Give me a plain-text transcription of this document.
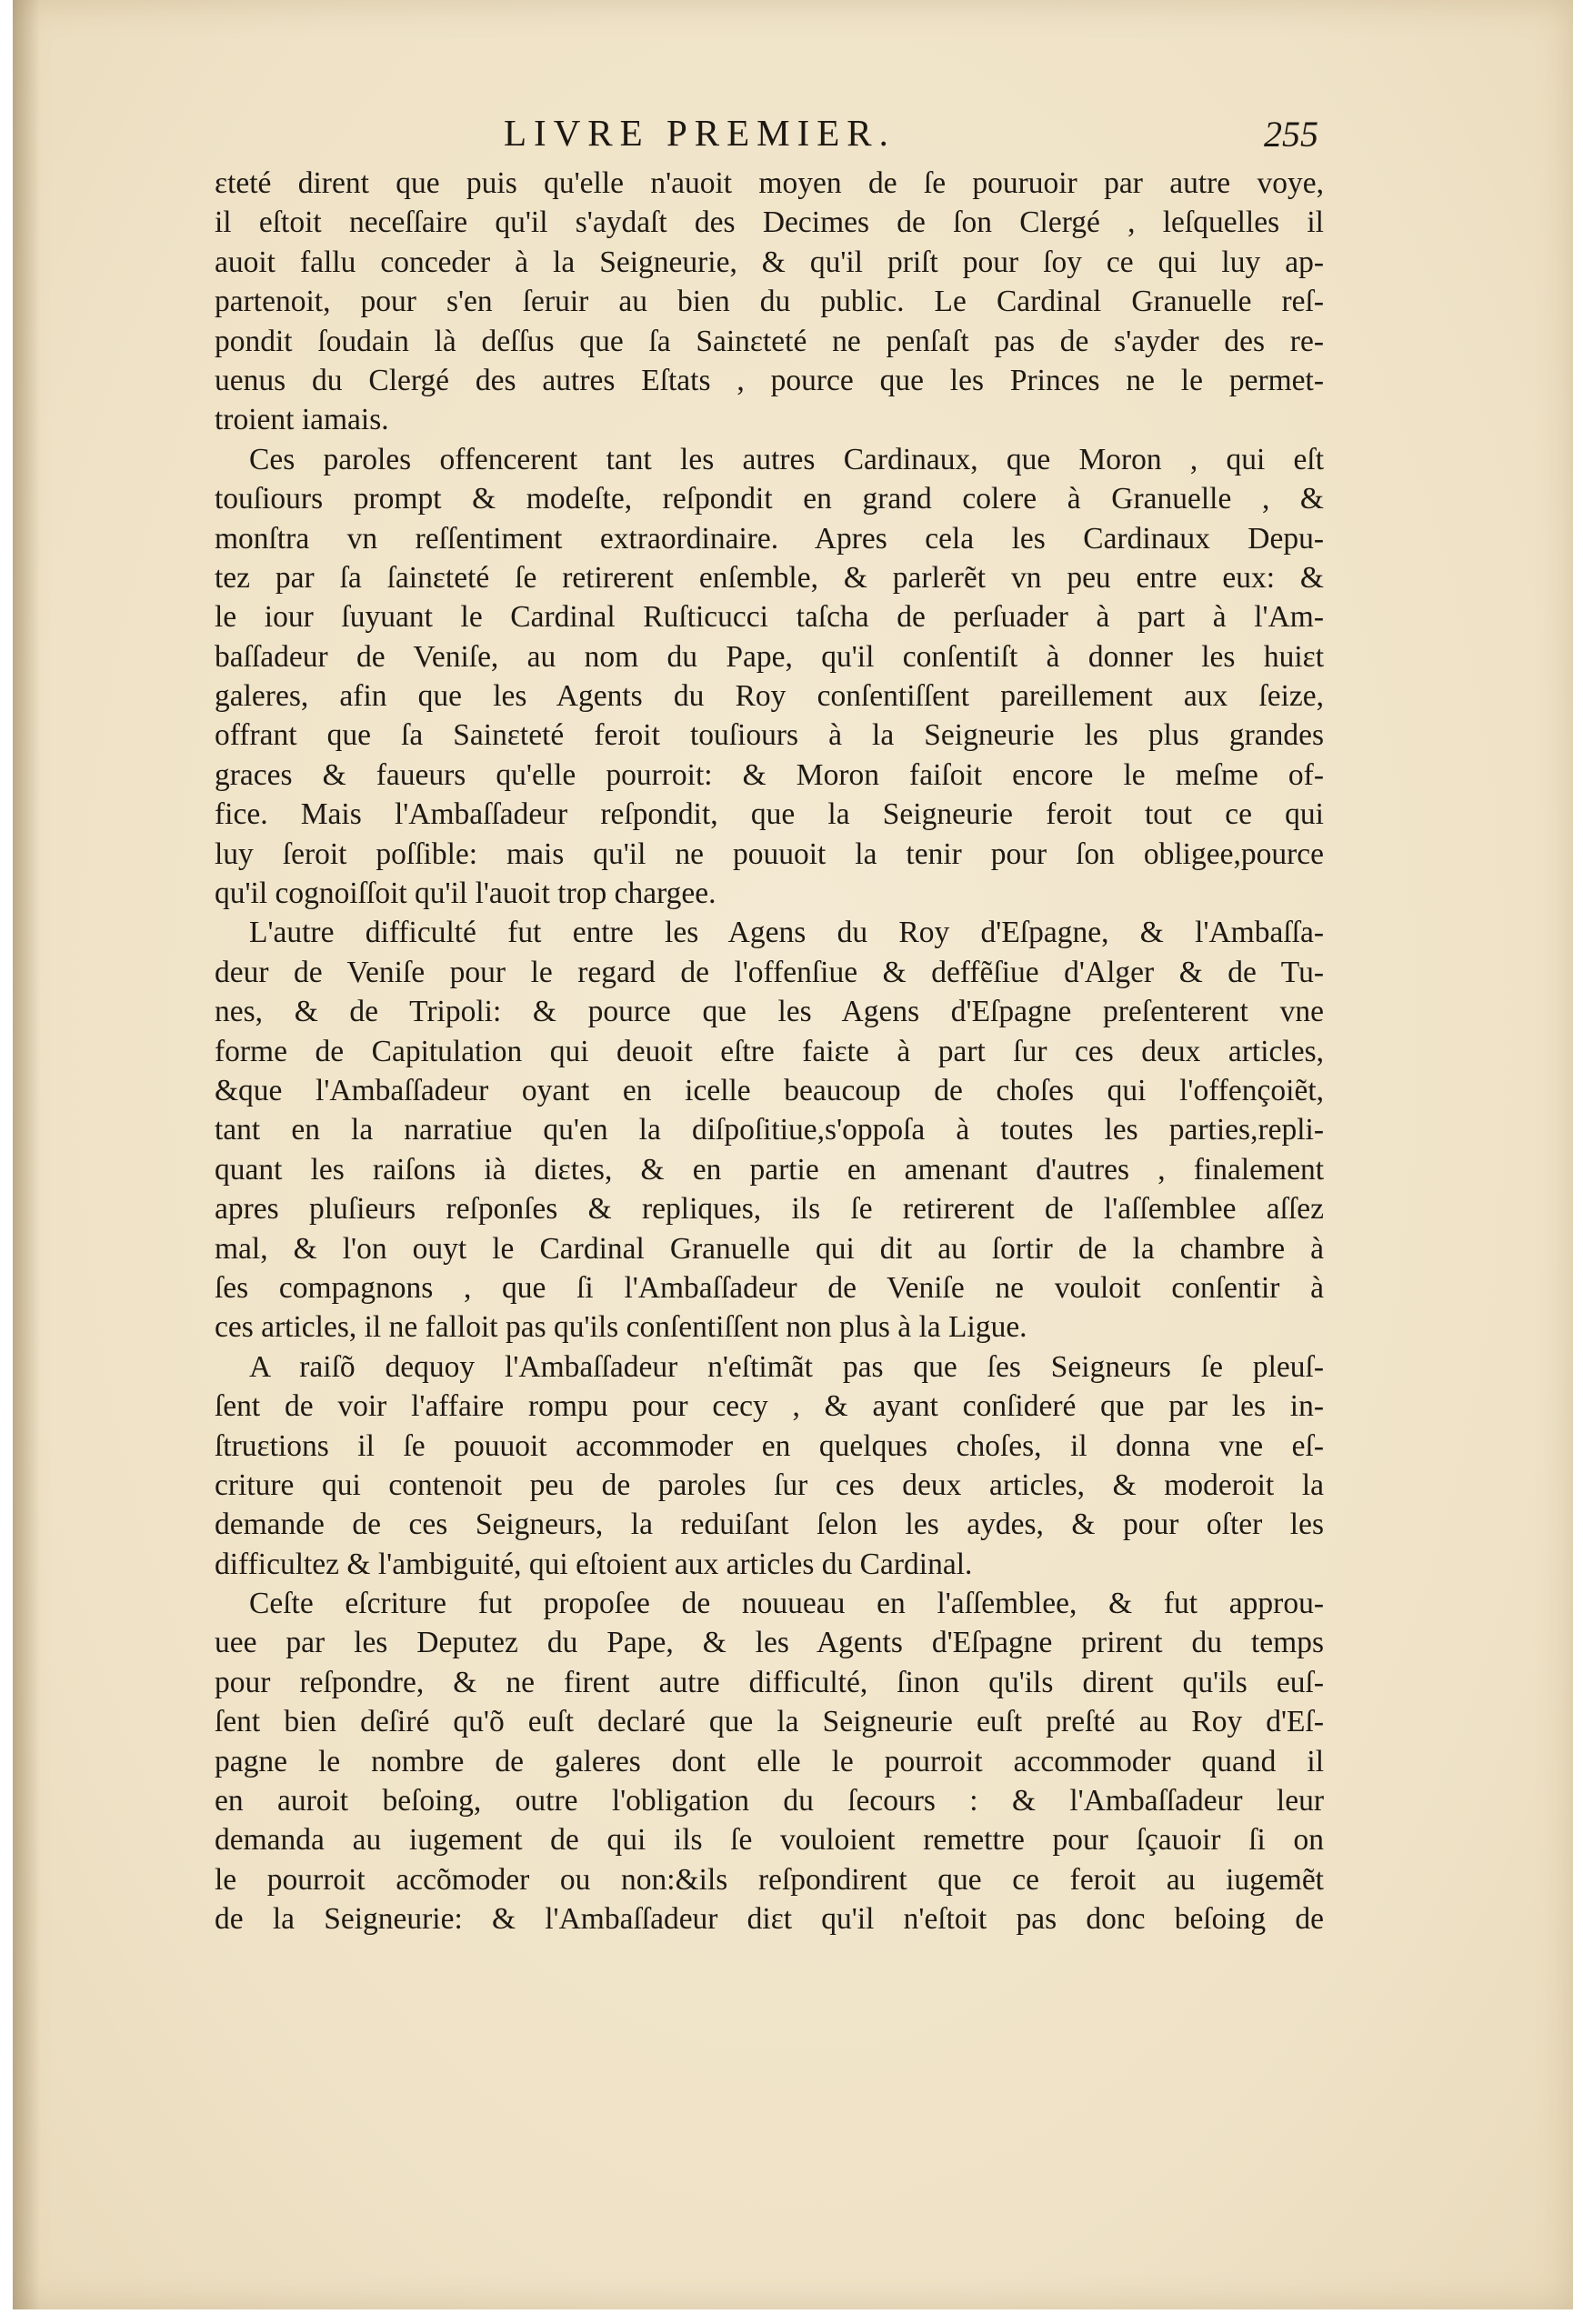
LIVRE PREMIER.	255
ɛteté dirent que puis qu'elle n'auoit moyen de ſe pouruoir par autre voye,
il eſtoit neceſſaire qu'il s'aydaſt des Decimes de ſon Clergé , leſquelles il
auoit fallu conceder à la Seigneurie, & qu'il priſt pour ſoy ce qui luy ap-
partenoit, pour s'en ſeruir au bien du public. Le Cardinal Granuelle reſ-
pondit ſoudain là deſſus que ſa Sainɛteté ne penſaſt pas de s'ayder des re-
uenus du Clergé des autres Eſtats , pource que les Princes ne le permet-
troient iamais.
Ces paroles offencerent tant les autres Cardinaux, que Moron , qui eſt
touſiours prompt & modeſte, reſpondit en grand colere à Granuelle , &
monſtra vn reſſentiment extraordinaire. Apres cela les Cardinaux Depu-
tez par ſa ſainɛteté ſe retirerent enſemble, & parlerẽt vn peu entre eux: &
le iour ſuyuant le Cardinal Ruſticucci taſcha de perſuader à part à l'Am-
baſſadeur de Veniſe, au nom du Pape, qu'il conſentiſt à donner les huiɛt
galeres, afin que les Agents du Roy conſentiſſent pareillement aux ſeize,
offrant que ſa Sainɛteté feroit touſiours à la Seigneurie les plus grandes
graces & faueurs qu'elle pourroit: & Moron faiſoit encore le meſme of-
fice. Mais l'Ambaſſadeur reſpondit, que la Seigneurie feroit tout ce qui
luy ſeroit poſſible: mais qu'il ne pouuoit la tenir pour ſon obligee,pource
qu'il cognoiſſoit qu'il l'auoit trop chargee.
L'autre difficulté fut entre les Agens du Roy d'Eſpagne, & l'Ambaſſa-
deur de Veniſe pour le regard de l'offenſiue & deffẽſiue d'Alger & de Tu-
nes, & de Tripoli: & pource que les Agens d'Eſpagne preſenterent vne
forme de Capitulation qui deuoit eſtre faiɛte à part ſur ces deux articles,
&que l'Ambaſſadeur oyant en icelle beaucoup de choſes qui l'offençoiẽt,
tant en la narratiue qu'en la diſpoſitiue,s'oppoſa à toutes les parties,repli-
quant les raiſons ià diɛtes, & en partie en amenant d'autres , finalement
apres pluſieurs reſponſes & repliques, ils ſe retirerent de l'aſſemblee aſſez
mal, & l'on ouyt le Cardinal Granuelle qui dit au ſortir de la chambre à
ſes compagnons , que ſi l'Ambaſſadeur de Veniſe ne vouloit conſentir à
ces articles, il ne falloit pas qu'ils conſentiſſent non plus à la Ligue.
A raiſõ dequoy l'Ambaſſadeur n'eſtimãt pas que ſes Seigneurs ſe pleuſ-
ſent de voir l'affaire rompu pour cecy , & ayant conſideré que par les in-
ſtruɛtions il ſe pouuoit accommoder en quelques choſes, il donna vne eſ-
criture qui contenoit peu de paroles ſur ces deux articles, & moderoit la
demande de ces Seigneurs, la reduiſant ſelon les aydes, & pour oſter les
difficultez & l'ambiguité, qui eſtoient aux articles du Cardinal.
Ceſte eſcriture fut propoſee de nouueau en l'aſſemblee, & fut approu-
uee par les Deputez du Pape, & les Agents d'Eſpagne prirent du temps
pour reſpondre, & ne firent autre difficulté, ſinon qu'ils dirent qu'ils euſ-
ſent bien deſiré qu'õ euſt declaré que la Seigneurie euſt preſté au Roy d'Eſ-
pagne le nombre de galeres dont elle le pourroit accommoder quand il
en auroit beſoing, outre l'obligation du ſecours : & l'Ambaſſadeur leur
demanda au iugement de qui ils ſe vouloient remettre pour ſçauoir ſi on
le pourroit accõmoder ou non:&ils reſpondirent que ce feroit au iugemẽt
de la Seigneurie: & l'Ambaſſadeur diɛt qu'il n'eſtoit pas donc beſoing de
